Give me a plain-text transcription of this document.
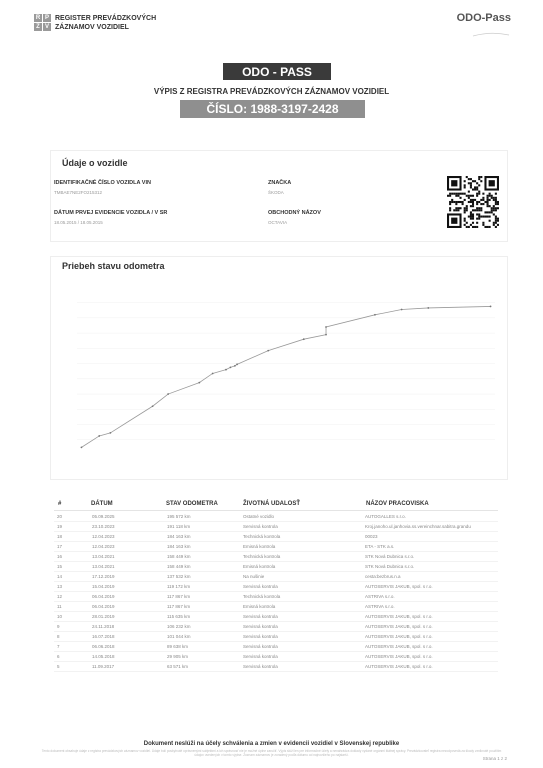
R P
Z V
REGISTER PREVÁDZKOVÝCH
ZÁZNAMOV VOZIDIEL
ODO-Pass
ODO - PASS
VÝPIS Z REGISTRA PREVÁDZKOVÝCH ZÁZNAMOV VOZIDIEL
ČÍSLO: 1988-3197-2428
Údaje o vozidle
IDENTIFIKAČNÉ ČÍSLO VOZIDLA VIN
TMBAE7NE2FO215312
ZNAČKA
ŠKODA
DÁTUM PRVEJ EVIDENCIE VOZIDLA / V SR
18.05.2015 / 18.05.2015
OBCHODNÝ NÁZOV
OCTAVIA
Priebeh stavu odometra
#	DÁTUM	STAV ODOMETRA	ŽIVOTNÁ UDALOSŤ	NÁZOV PRACOVISKA
20	05.09.2025	195 572 km	Ostatné vozidlo	AUTOGALLES s.r.o.
19	23.10.2023	191 118 km	Servisná kontrola	Kroj.janoho.ul.janhovia.ss.vereinchnar.sabitra.grandu
18	12.04.2023	184 163 km	Technická kontrola	00023
17	12.04.2023	184 163 km	Emisná kontrola	ETA - STK a.s.
16	13.04.2021	158 449 km	Technická kontrola	STK Nová Dubnica s.r.o.
15	13.04.2021	158 449 km	Emisná kontrola	STK Nová Dubnica s.r.o.
14	17.12.2019	137 532 km	Na nušinie	cesta:bezbrus.n.a
13	15.04.2019	119 172 km	Servisná kontrola	AUTOSERVIS JAKUB, spol. s r.o.
12	06.04.2019	117 867 km	Technická kontrola	ASTRIVA s.r.o.
11	06.04.2019	117 867 km	Emisná kontrola	ASTRIVA s.r.o.
10	28.01.2019	115 635 km	Servisná kontrola	AUTOSERVIS JAKUB, spol. s r.o.
9	24.11.2018	106 232 km	Servisná kontrola	AUTOSERVIS JAKUB, spol. s r.o.
8	16.07.2018	101 044 km	Servisná kontrola	AUTOSERVIS JAKUB, spol. s r.o.
7	06.06.2018	89 638 km	Servisná kontrola	AUTOSERVIS JAKUB, spol. s r.o.
6	14.05.2018	29 905 km	Servisná kontrola	AUTOSERVIS JAKUB, spol. s r.o.
5	11.09.2017	63 571 km	Servisná kontrola	AUTOSERVIS JAKUB, spol. s r.o.
Dokument neslúži na účely schválenia a zmien v evidencii vozidiel v Slovenskej republike
Tento dokument obsahuje údaje z registra prevádzkových záznamov vozidiel. Údaje boli poskytnuté oprávnenými subjektmi a ich správnosť nie je možné úplne zaručiť. Výpis slúži len pre informačné účely a nenahrádza doklady vydané orgánmi štátnej správy. Prevádzkovateľ registra nezodpovedá za škody vzniknuté použitím údajov uvedených v tomto výpise. Zoznam záznamov je zoradený podľa dátumu od najnovšieho po najstarší.
Strana 1 z 2
